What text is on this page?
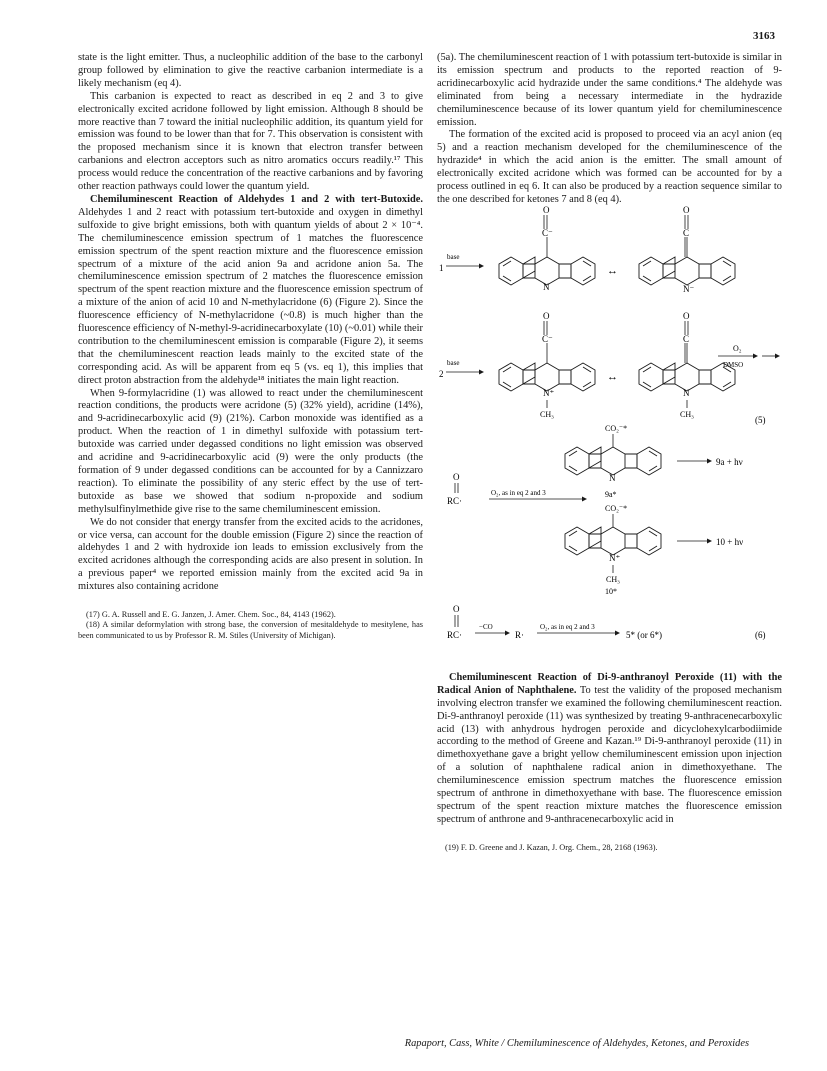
3163

state is the light emitter. Thus, a nucleophilic addition of the base to the carbonyl group followed by elimination to give the reactive carbanion intermediate is a likely mechanism (eq 4).

This carbanion is expected to react as described in eq 2 and 3 to give electronically excited acridone followed by light emission. Although 8 should be more reactive than 7 toward the initial nucleophilic addition, its quantum yield for emission was found to be lower than that for 7. This observation is consistent with the proposed mechanism since it is known that electron transfer between carbanions and electron acceptors such as nitro aromatics occurs readily.¹⁷ This process would reduce the concentration of the reactive carbanions and by favoring other reaction pathways could lower the quantum yield.

Chemiluminescent Reaction of Aldehydes 1 and 2 with tert-Butoxide. Aldehydes 1 and 2 react with potassium tert-butoxide and oxygen in dimethyl sulfoxide to give bright emissions, both with quantum yields of about 2 × 10⁻⁴. The chemiluminescence emission spectrum of 1 matches the fluorescence emission spectrum of the spent reaction mixture and the fluorescence emission spectrum of a mixture of the acid anion 9a and acridone anion 5a. The chemiluminescence emission spectrum of 2 matches the fluorescence emission spectrum of the spent reaction mixture and the fluorescence emission spectrum of a mixture of the anion of acid 10 and N-methylacridone (6) (Figure 2). Since the fluorescence efficiency of N-methylacridone (~0.8) is much higher than the fluorescence efficiency of N-methyl-9-acridinecarboxylate (10) (~0.01) while their contribution to the chemiluminescent emission is comparable (Figure 2), it seems that the chemiluminescent reaction leads mainly to the excited state of the corresponding acid. As will be apparent from eq 5 (vs. eq 1), this implies that direct proton abstraction from the aldehyde¹⁸ initiates the main light reaction.

When 9-formylacridine (1) was allowed to react under the chemiluminescent reaction conditions, the products were acridone (5) (32% yield), acridine (14%), and 9-acridinecarboxylic acid (9) (21%). Carbon monoxide was identified as a product. When the reaction of 1 in dimethyl sulfoxide with potassium tert-butoxide was carried under degassed conditions no light emission was observed and acridine and 9-acridinecarboxylic acid (9) were the only products (the formation of 9 under degassed conditions can be accounted for by a Cannizzaro reaction). To eliminate the possibility of any steric effect by the use of tert-butoxide as base we showed that sodium n-propoxide and sodium methylsulfinylmethide give rise to the same chemiluminescent emission.

We do not consider that energy transfer from the excited acids to the acridones, or vice versa, can account for the double emission (Figure 2) since the reaction of aldehydes 1 and 2 with hydroxide ion leads to emission exclusively from the excited acridones although the corresponding acids are also present in solution. In a previous paper⁴ we reported emission mainly from the excited acid 9a in mixtures also containing acridone

(17) G. A. Russell and E. G. Janzen, J. Amer. Chem. Soc., 84, 4143 (1962).
(18) A similar deformylation with strong base, the conversion of mesitaldehyde to mesitylene, has been communicated to us by Professor R. M. Stiles (University of Michigan).

(5a). The chemiluminescent reaction of 1 with potassium tert-butoxide is similar in its emission spectrum and products to the reported reaction of 9-acridinecarboxylic acid hydrazide under the same conditions.⁴ The aldehyde was eliminated from being a necessary intermediate in the hydrazide chemiluminescence because of its lower quantum yield for chemiluminescence emission.

The formation of the excited acid is proposed to proceed via an acyl anion (eq 5) and a reaction mechanism developed for the chemiluminescence of the hydrazide⁴ in which the acid anion is the emitter. The small amount of electronically excited acridone which was formed can be accounted for by a process outlined in eq 6. It can also be produced by a reaction sequence similar to the one described for ketones 7 and 8 (eq 4).

1
base
O
C⁻
N
↔
O
C
N⁻
2
base
O
C⁻
N⁺
CH₃
↔
O
C
N
CH₃
O₂
DMSO
(5)
CO₂⁻*
N
9a + hν
9a*
O
RC·
O₂, as in eq 2 and 3
CO₂⁻*
N⁺
CH₃
10*
10 + hν
O
RC·
−CO
R·
O₂, as in eq 2 and 3
5* (or 6*)	(6)

Chemiluminescent Reaction of Di-9-anthranoyl Peroxide (11) with the Radical Anion of Naphthalene. To test the validity of the proposed mechanism involving electron transfer we examined the following chemiluminescent reaction. Di-9-anthranoyl peroxide (11) was synthesized by treating 9-anthracenecarboxylic acid (13) with anhydrous hydrogen peroxide and dicyclohexylcarbodiimide according to the method of Greene and Kazan.¹⁹ Di-9-anthranoyl peroxide (11) in dimethoxyethane gave a bright yellow chemiluminescent emission upon injection of a solution of naphthalene radical anion in dimethoxyethane. The chemiluminescence emission spectrum matches the fluorescence emission spectrum of anthrone in dimethoxyethane with base. The fluorescence emission spectrum of the spent reaction mixture matches the fluorescence emission spectrum of anthrone and 9-anthracenecarboxylic acid in

(19) F. D. Greene and J. Kazan, J. Org. Chem., 28, 2168 (1963).
Rapaport, Cass, White / Chemiluminescence of Aldehydes, Ketones, and Peroxides
